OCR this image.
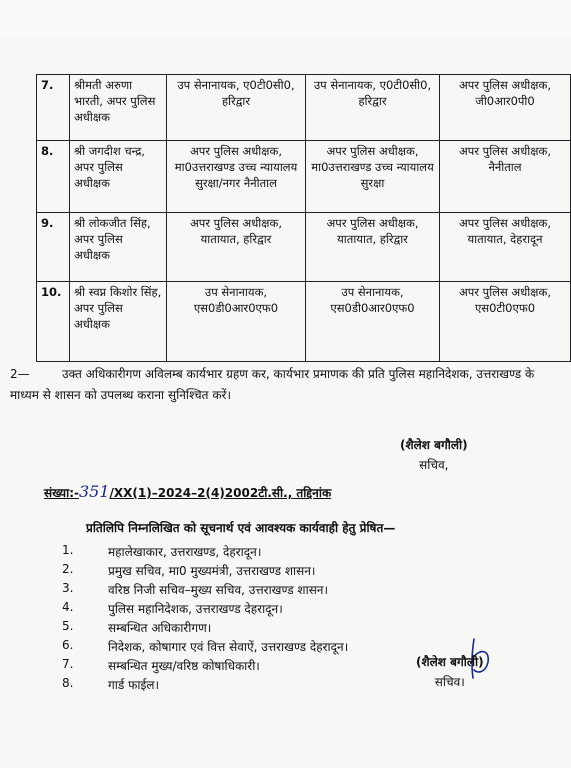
7.	श्रीमती अरुणा भारती, अपर पुलिस अधीक्षक	उप सेनानायक, ए0टी0सी0, हरिद्वार	उप सेनानायक, ए0टी0सी0, हरिद्वार	अपर पुलिस अधीक्षक, जी0आर0पी0
8.	श्री जगदीश चन्द्र, अपर पुलिस अधीक्षक	अपर पुलिस अधीक्षक, मा0उत्तराखण्ड उच्च न्यायालय सुरक्षा/नगर नैनीताल	अपर पुलिस अधीक्षक, मा0उत्तराखण्ड उच्च न्यायालय सुरक्षा	अपर पुलिस अधीक्षक, नैनीताल
9.	श्री लोकजीत सिंह, अपर पुलिस अधीक्षक	अपर पुलिस अधीक्षक, यातायात, हरिद्वार	अपर पुलिस अधीक्षक, यातायात, हरिद्वार	अपर पुलिस अधीक्षक, यातायात, देहरादून
10.	श्री स्वप्न किशोर सिंह, अपर पुलिस अधीक्षक	उप सेनानायक, एस0डी0आर0एफ0	उप सेनानायक, एस0डी0आर0एफ0	अपर पुलिस अधीक्षक, एस0टी0एफ0
2—	उक्त अधिकारीगण अविलम्ब कार्यभार ग्रहण कर, कार्यभार प्रमाणक की प्रति पुलिस महानिदेशक, उत्तराखण्ड के माध्यम से शासन को उपलब्ध कराना सुनिश्चित करें।
(शैलेश बगौली)
सचिव,
संख्या:-351/XX(1)–2024–2(4)2002टी.सी., तद्दिनांक
प्रतिलिपि निम्नलिखित को सूचनार्थ एवं आवश्यक कार्यवाही हेतु प्रेषित—
1.	महालेखाकार, उत्तराखण्ड, देहरादून।
2.	प्रमुख सचिव, मा0 मुख्यमंत्री, उत्तराखण्ड शासन।
3.	वरिष्ठ निजी सचिव–मुख्य सचिव, उत्तराखण्ड शासन।
4.	पुलिस महानिदेशक, उत्तराखण्ड देहरादून।
5.	सम्बन्धित अधिकारीगण।
6.	निदेशक, कोषागार एवं वित्त सेवाऐं, उत्तराखण्ड देहरादून।
7.	सम्बन्धित मुख्य/वरिष्ठ कोषाधिकारी।
8.	गार्ड फाईल।
(शैलेश बगौली)
सचिव।
